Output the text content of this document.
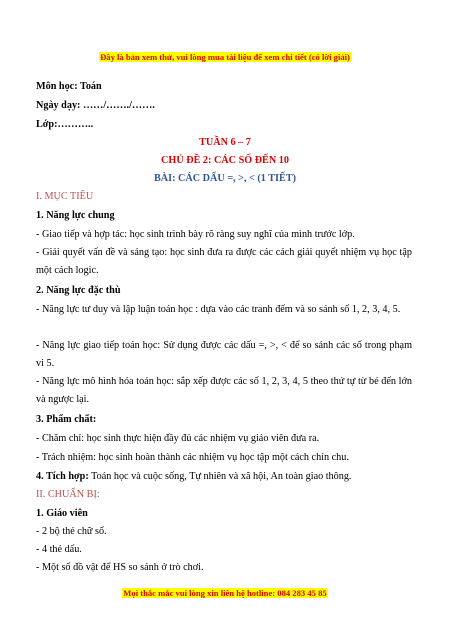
Đây là bản xem thử, vui lòng mua tài liệu để xem chi tiết (có lời giải)
Môn học: Toán
Ngày dạy: ……/……./…….
Lớp:………..
TUẦN 6 – 7
CHỦ ĐỀ 2: CÁC SỐ ĐẾN 10
BÀI: CÁC DẤU =, >, < (1 TIẾT)
I. MỤC TIÊU
1. Năng lực chung
- Giao tiếp và hợp tác: học sinh trình bày rõ ràng suy nghĩ của mình trước lớp.
- Giải quyết vấn đề và sáng tạo: học sinh đưa ra được các cách giải quyết nhiệm vụ học tập một cách logic.
2. Năng lực đặc thù
- Năng lực tư duy và lập luận toán học : dựa vào các tranh đếm và so sánh số 1, 2, 3, 4, 5.
- Năng lực giao tiếp toán học: Sử dụng được các dấu =, >, < để so sánh các số trong phạm vi 5.
- Năng lực mô hình hóa toán học: sắp xếp được các số 1, 2, 3, 4, 5 theo thứ tự từ bé đến lớn và ngược lại.
3. Phẩm chất:
- Chăm chỉ: học sinh thực hiện đầy đủ các nhiệm vụ giáo viên đưa ra.
- Trách nhiệm: học sinh hoàn thành các nhiệm vụ học tập một cách chỉn chu.
4. Tích hợp: Toán học và cuộc sống, Tự nhiên và xã hội, An toàn giao thông.
II. CHUẨN BỊ:
1. Giáo viên
- 2 bộ thẻ chữ số.
- 4 thẻ dấu.
- Một số đồ vật để HS so sánh ở trò chơi.
Mọi thắc mắc vui lòng xin liên hệ hotline: 084 283 45 85
